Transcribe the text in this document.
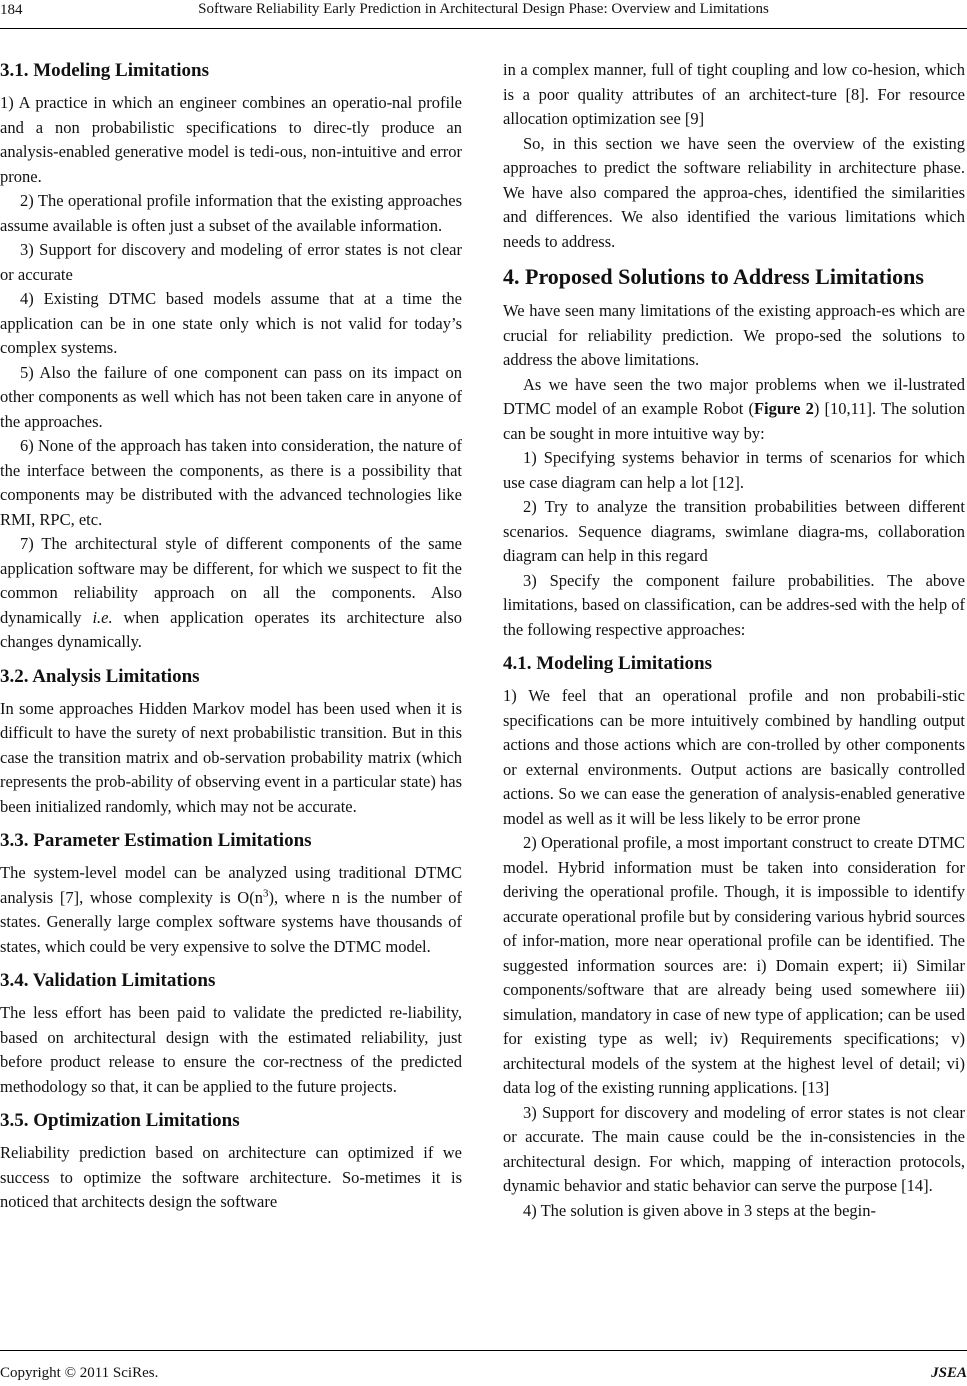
184	Software Reliability Early Prediction in Architectural Design Phase: Overview and Limitations
3.1. Modeling Limitations

1) A practice in which an engineer combines an operatio-nal profile and a non probabilistic specifications to direc-tly produce an analysis-enabled generative model is tedi-ous, non-intuitive and error prone.

2) The operational profile information that the existing approaches assume available is often just a subset of the available information.

3) Support for discovery and modeling of error states is not clear or accurate

4) Existing DTMC based models assume that at a time the application can be in one state only which is not valid for today’s complex systems.

5) Also the failure of one component can pass on its impact on other components as well which has not been taken care in anyone of the approaches.

6) None of the approach has taken into consideration, the nature of the interface between the components, as there is a possibility that components may be distributed with the advanced technologies like RMI, RPC, etc.

7) The architectural style of different components of the same application software may be different, for which we suspect to fit the common reliability approach on all the components. Also dynamically i.e. when application operates its architecture also changes dynamically.

3.2. Analysis Limitations

In some approaches Hidden Markov model has been used when it is difficult to have the surety of next probabilistic transition. But in this case the transition matrix and ob-servation probability matrix (which represents the prob-ability of observing event in a particular state) has been initialized randomly, which may not be accurate.

3.3. Parameter Estimation Limitations

The system-level model can be analyzed using traditional DTMC analysis [7], whose complexity is $O(n^3)$, where n is the number of states. Generally large complex software systems have thousands of states, which could be very expensive to solve the DTMC model.

3.4. Validation Limitations

The less effort has been paid to validate the predicted re-liability, based on architectural design with the estimated reliability, just before product release to ensure the cor-rectness of the predicted methodology so that, it can be applied to the future projects.

3.5. Optimization Limitations

Reliability prediction based on architecture can optimized if we success to optimize the software architecture. So-metimes it is noticed that architects design the software

in a complex manner, full of tight coupling and low co-hesion, which is a poor quality attributes of an architect-ture [8]. For resource allocation optimization see [9]

So, in this section we have seen the overview of the existing approaches to predict the software reliability in architecture phase. We have also compared the approa-ches, identified the similarities and differences. We also identified the various limitations which needs to address.

4. Proposed Solutions to Address Limitations

We have seen many limitations of the existing approach-es which are crucial for reliability prediction. We propo-sed the solutions to address the above limitations.

As we have seen the two major problems when we il-lustrated DTMC model of an example Robot (Figure 2) [10,11]. The solution can be sought in more intuitive way by:

1) Specifying systems behavior in terms of scenarios for which use case diagram can help a lot [12].

2) Try to analyze the transition probabilities between different scenarios. Sequence diagrams, swimlane diagra-ms, collaboration diagram can help in this regard

3) Specify the component failure probabilities. The above limitations, based on classification, can be addres-sed with the help of the following respective approaches:

4.1. Modeling Limitations

1) We feel that an operational profile and non probabili-stic specifications can be more intuitively combined by handling output actions and those actions which are con-trolled by other components or external environments. Output actions are basically controlled actions. So we can ease the generation of analysis-enabled generative model as well as it will be less likely to be error prone

2) Operational profile, a most important construct to create DTMC model. Hybrid information must be taken into consideration for deriving the operational profile. Though, it is impossible to identify accurate operational profile but by considering various hybrid sources of infor-mation, more near operational profile can be identified. The suggested information sources are: i) Domain expert; ii) Similar components/software that are already being used somewhere iii) simulation, mandatory in case of new type of application; can be used for existing type as well; iv) Requirements specifications; v) architectural models of the system at the highest level of detail; vi) data log of the existing running applications. [13]

3) Support for discovery and modeling of error states is not clear or accurate. The main cause could be the in-consistencies in the architectural design. For which, mapping of interaction protocols, dynamic behavior and static behavior can serve the purpose [14].

4) The solution is given above in 3 steps at the begin-

Copyright © 2011 SciRes.	JSEA
